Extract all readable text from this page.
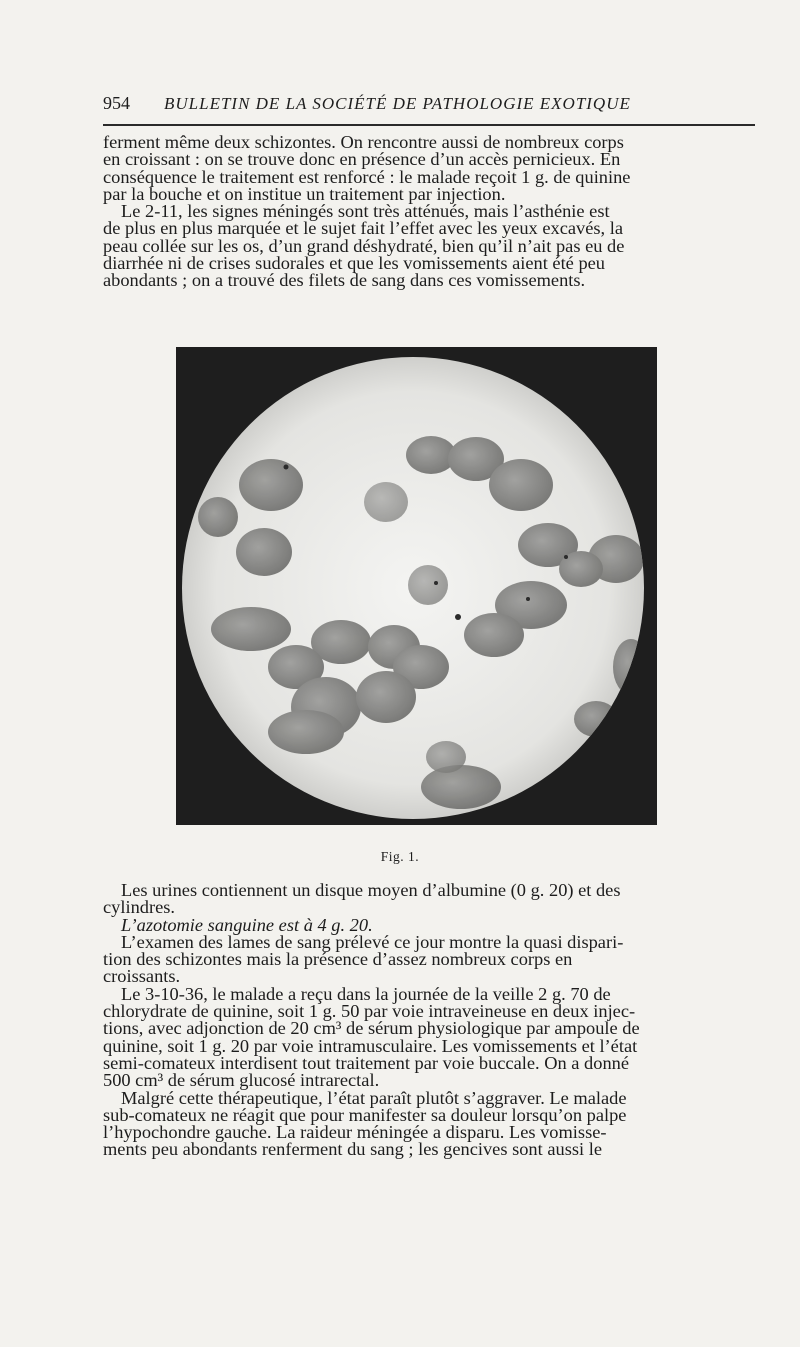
954 BULLETIN DE LA SOCIÉTÉ DE PATHOLOGIE EXOTIQUE

ferment même deux schizontes. On rencontre aussi de nombreux corps

en croissant : on se trouve donc en présence d’un accès pernicieux. En

conséquence le traitement est renforcé : le malade reçoit 1 g. de quinine

par la bouche et on institue un traitement par injection.

Le 2-11, les signes méningés sont très atténués, mais l’asthénie est

de plus en plus marquée et le sujet fait l’effet avec les yeux excavés, la

peau collée sur les os, d’un grand déshydraté, bien qu’il n’ait pas eu de

diarrhée ni de crises sudorales et que les vomissements aient été peu

abondants ; on a trouvé des filets de sang dans ces vomissements.

Fig. 1.

Les urines contiennent un disque moyen d’albumine (0 g. 20) et des

cylindres.

L’azotomie sanguine est à 4 g. 20.

L’examen des lames de sang prélevé ce jour montre la quasi dispari-

tion des schizontes mais la présence d’assez nombreux corps en

croissants.

Le 3-10-36, le malade a reçu dans la journée de la veille 2 g. 70 de

chlorydrate de quinine, soit 1 g. 50 par voie intraveineuse en deux injec-

tions, avec adjonction de 20 cm³ de sérum physiologique par ampoule de

quinine, soit 1 g. 20 par voie intramusculaire. Les vomissements et l’état

semi-comateux interdisent tout traitement par voie buccale. On a donné

500 cm³ de sérum glucosé intrarectal.

Malgré cette thérapeutique, l’état paraît plutôt s’aggraver. Le malade

sub-comateux ne réagit que pour manifester sa douleur lorsqu’on palpe

l’hypochondre gauche. La raideur méningée a disparu. Les vomisse-

ments peu abondants renferment du sang ; les gencives sont aussi le
